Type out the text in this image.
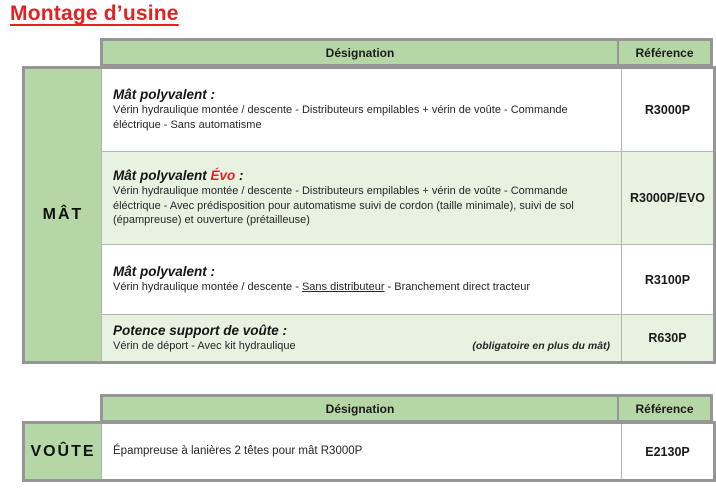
Montage d’usine
Désignation	Référence
MÂT	Mât polyvalent :
Vérin hydraulique montée / descente - Distributeurs empilables + vérin de voûte - Commande éléctrique - Sans automatisme	R3000P

	Mât polyvalent Évo :
Vérin hydraulique montée / descente - Distributeurs empilables + vérin de voûte - Commande éléctrique - Avec prédisposition pour automatisme suivi de cordon (taille minimale), suivi de sol (épampreuse) et ouverture (prétailleuse)	R3000P/EVO

	Mât polyvalent :
Vérin hydraulique montée / descente - Sans distributeur - Branchement direct tracteur	R3100P

	Potence support de voûte :
Vérin de déport - Avec kit hydraulique (obligatoire en plus du mât)	R630P
Désignation	Référence
VOÛTE	Épampreuse à lanières 2 têtes pour mât R3000P	E2130P
